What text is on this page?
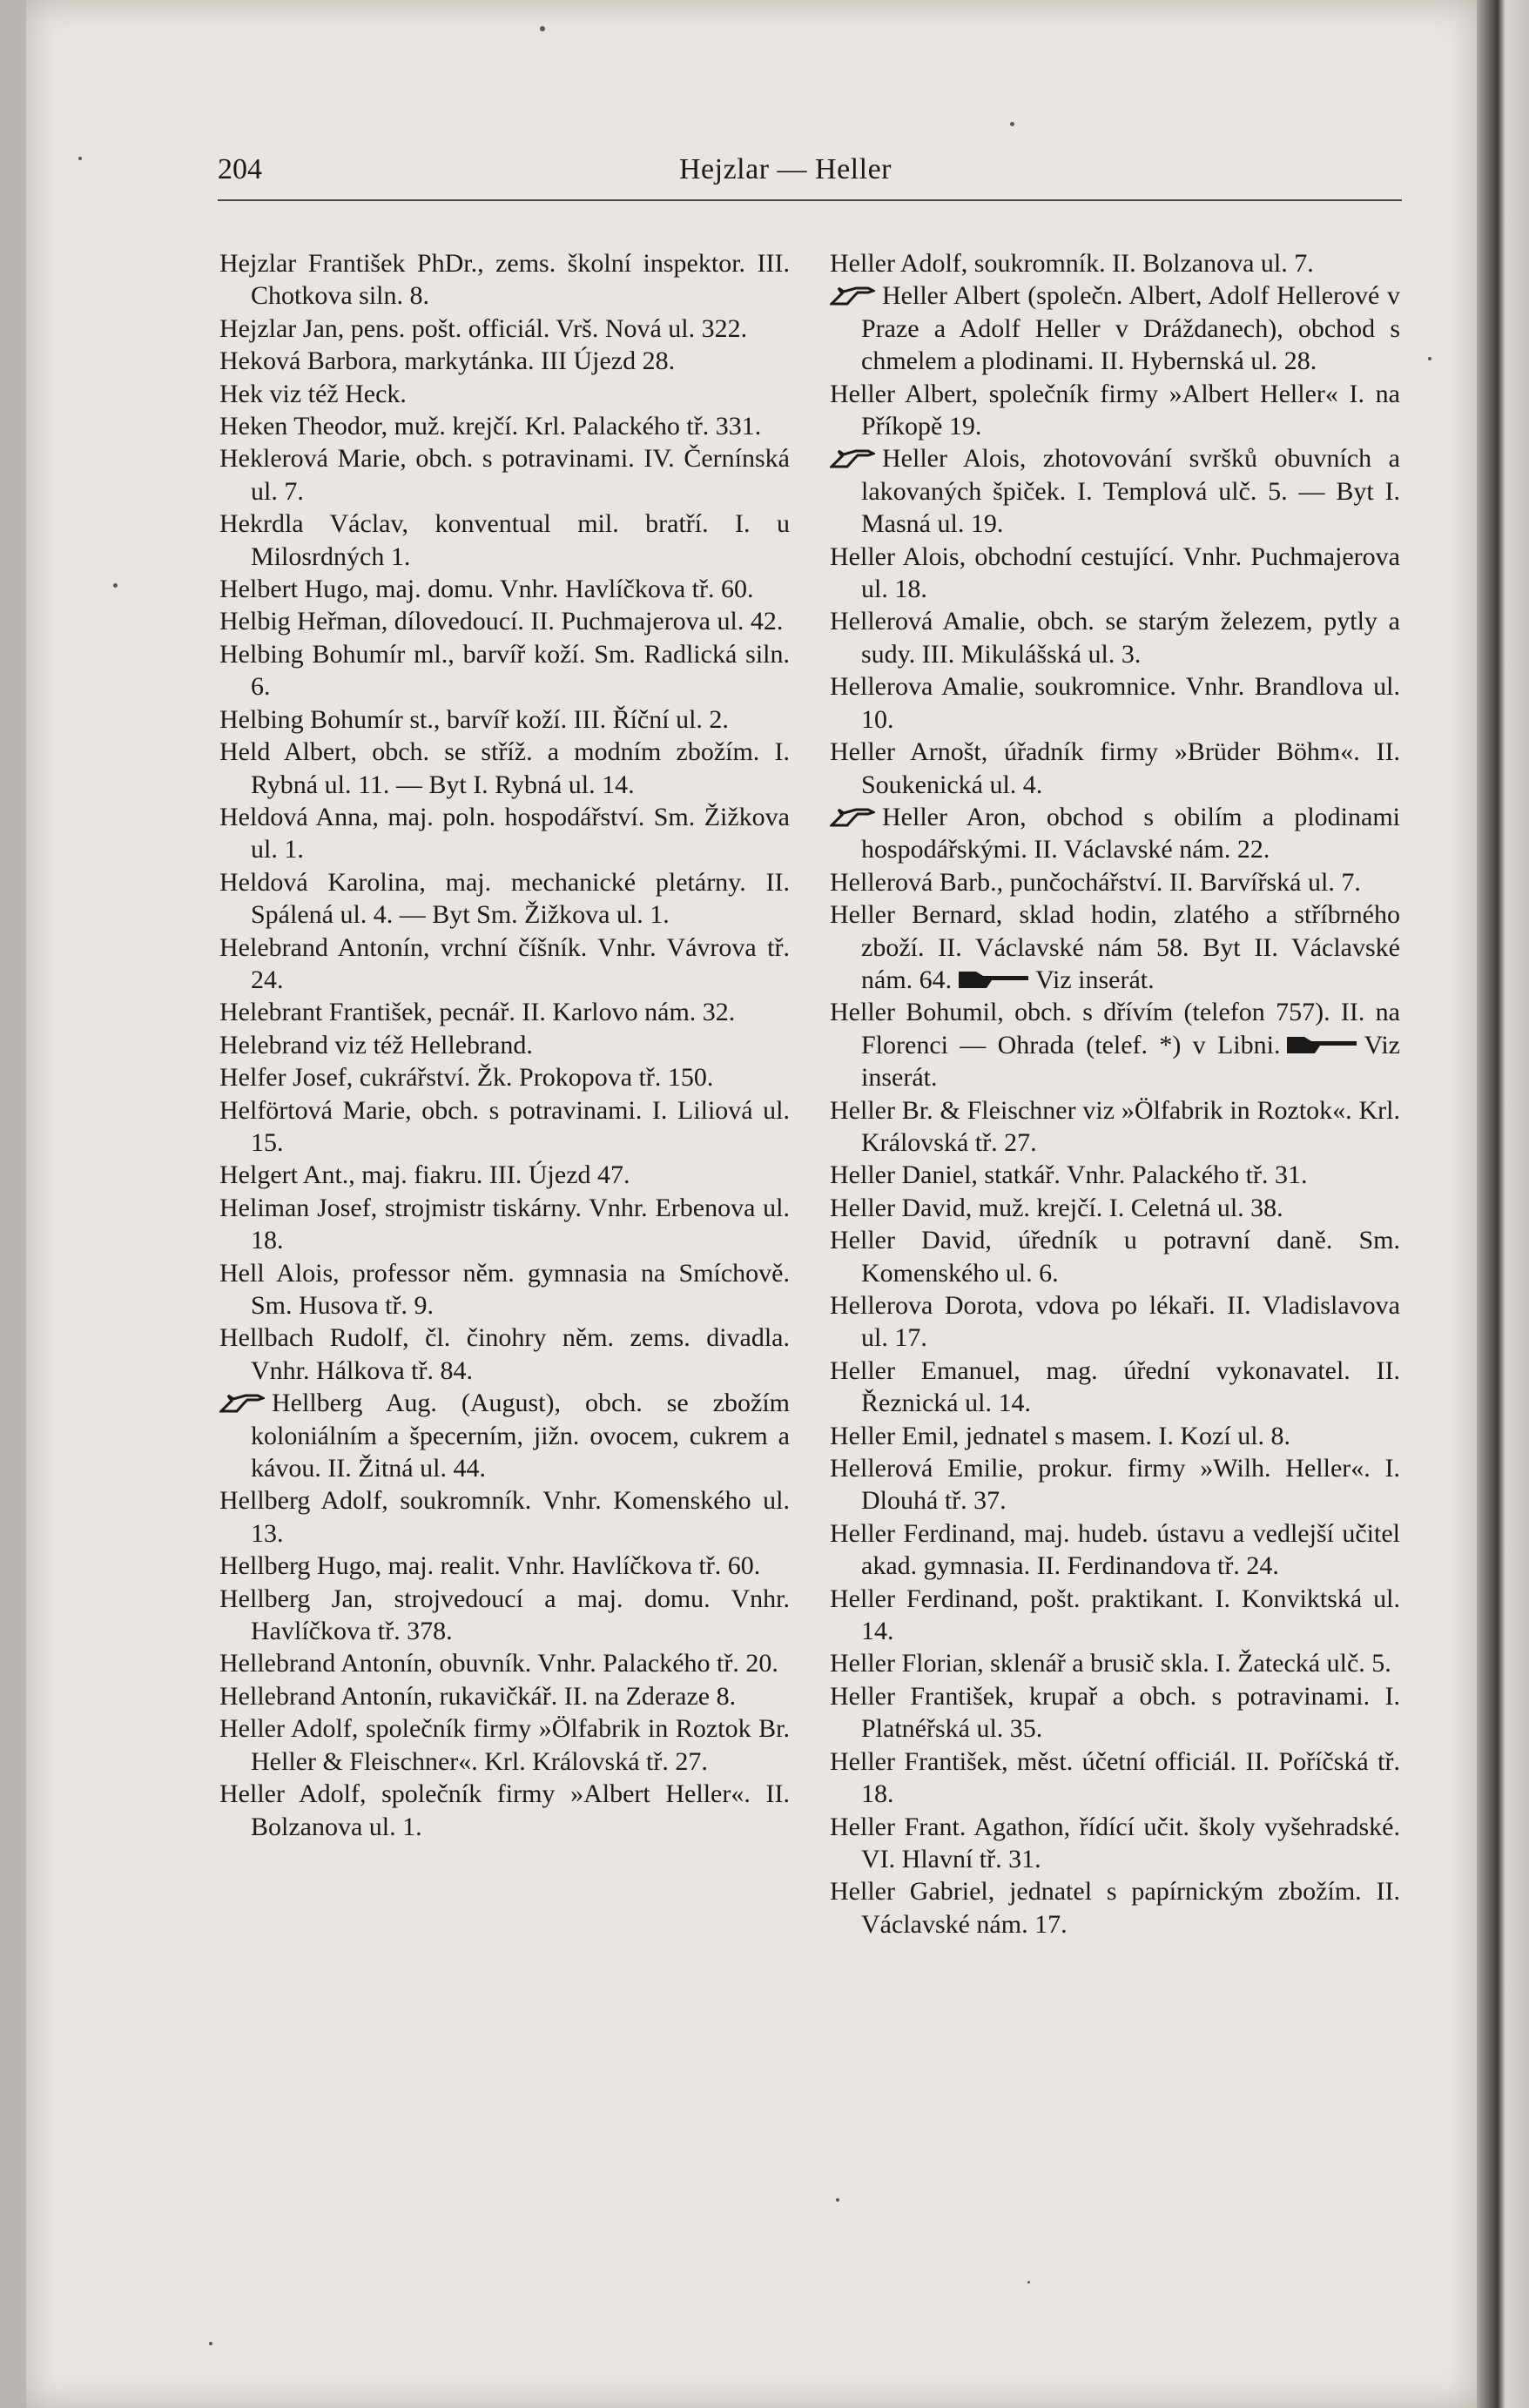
204	Hejzlar — Heller

Hejzlar František PhDr., zems. školní inspektor. III. Chotkova siln. 8.

Hejzlar Jan, pens. pošt. officiál. Vrš. Nová ul. 322.

Heková Barbora, markytánka. III Újezd 28.

Hek viz též Heck.

Heken Theodor, muž. krejčí. Krl. Palackého tř. 331.

Heklerová Marie, obch. s potravinami. IV. Černínská ul. 7.

Hekrdla Václav, konventual mil. bratří. I. u Milosrdných 1.

Helbert Hugo, maj. domu. Vnhr. Havlíčkova tř. 60.

Helbig Heřman, dílovedoucí. II. Puchmajerova ul. 42.

Helbing Bohumír ml., barvíř koží. Sm. Radlická siln. 6.

Helbing Bohumír st., barvíř koží. III. Říční ul. 2.

Held Albert, obch. se stříž. a modním zbožím. I. Rybná ul. 11. — Byt I. Rybná ul. 14.

Heldová Anna, maj. poln. hospodářství. Sm. Žižkova ul. 1.

Heldová Karolina, maj. mechanické pletárny. II. Spálená ul. 4. — Byt Sm. Žižkova ul. 1.

Helebrand Antonín, vrchní číšník. Vnhr. Vávrova tř. 24.

Helebrant František, pecnář. II. Karlovo nám. 32.

Helebrand viz též Hellebrand.

Helfer Josef, cukrářství. Žk. Prokopova tř. 150.

Helförtová Marie, obch. s potravinami. I. Liliová ul. 15.

Helgert Ant., maj. fiakru. III. Újezd 47.

Heliman Josef, strojmistr tiskárny. Vnhr. Erbenova ul. 18.

Hell Alois, professor něm. gymnasia na Smíchově. Sm. Husova tř. 9.

Hellbach Rudolf, čl. činohry něm. zems. divadla. Vnhr. Hálkova tř. 84.

Hellberg Aug. (August), obch. se zbožím koloniálním a špecerním, jižn. ovocem, cukrem a kávou. II. Žitná ul. 44.

Hellberg Adolf, soukromník. Vnhr. Komenského ul. 13.

Hellberg Hugo, maj. realit. Vnhr. Havlíčkova tř. 60.

Hellberg Jan, strojvedoucí a maj. domu. Vnhr. Havlíčkova tř. 378.

Hellebrand Antonín, obuvník. Vnhr. Palackého tř. 20.

Hellebrand Antonín, rukavičkář. II. na Zderaze 8.

Heller Adolf, společník firmy »Ölfabrik in Roztok Br. Heller & Fleischner«. Krl. Královská tř. 27.

Heller Adolf, společník firmy »Albert Heller«. II. Bolzanova ul. 1.

Heller Adolf, soukromník. II. Bolzanova ul. 7.

Heller Albert (společn. Albert, Adolf Hellerové v Praze a Adolf Heller v Dráždanech), obchod s chmelem a plodinami. II. Hybernská ul. 28.

Heller Albert, společník firmy »Albert Heller« I. na Příkopě 19.

Heller Alois, zhotovování svršků obuvních a lakovaných špiček. I. Templová ulč. 5. — Byt I. Masná ul. 19.

Heller Alois, obchodní cestující. Vnhr. Puchmajerova ul. 18.

Hellerová Amalie, obch. se starým železem, pytly a sudy. III. Mikulášská ul. 3.

Hellerova Amalie, soukromnice. Vnhr. Brandlova ul. 10.

Heller Arnošt, úřadník firmy »Brüder Böhm«. II. Soukenická ul. 4.

Heller Aron, obchod s obilím a plodinami hospodářskými. II. Václavské nám. 22.

Hellerová Barb., punčochářství. II. Barvířská ul. 7.

Heller Bernard, sklad hodin, zlatého a stříbrného zboží. II. Václavské nám 58. Byt II. Václavské nám. 64.	Viz inserát.

Heller Bohumil, obch. s dřívím (telefon 757). II. na Florenci — Ohrada (telef. *) v Libni.	Viz inserát.

Heller Br. & Fleischner viz »Ölfabrik in Roztok«. Krl. Královská tř. 27.

Heller Daniel, statkář. Vnhr. Palackého tř. 31.

Heller David, muž. krejčí. I. Celetná ul. 38.

Heller David, úředník u potravní daně. Sm. Komenského ul. 6.

Hellerova Dorota, vdova po lékaři. II. Vladislavova ul. 17.

Heller Emanuel, mag. úřední vykonavatel. II. Řeznická ul. 14.

Heller Emil, jednatel s masem. I. Kozí ul. 8.

Hellerová Emilie, prokur. firmy »Wilh. Heller«. I. Dlouhá tř. 37.

Heller Ferdinand, maj. hudeb. ústavu a vedlejší učitel akad. gymnasia. II. Ferdinandova tř. 24.

Heller Ferdinand, pošt. praktikant. I. Konviktská ul. 14.

Heller Florian, sklenář a brusič skla. I. Žatecká ulč. 5.

Heller František, krupař a obch. s potravinami. I. Platnéřská ul. 35.

Heller František, měst. účetní officiál. II. Poříčská tř. 18.

Heller Frant. Agathon, řídící učit. školy vyšehradské. VI. Hlavní tř. 31.

Heller Gabriel, jednatel s papírnickým zbožím. II. Václavské nám. 17.
